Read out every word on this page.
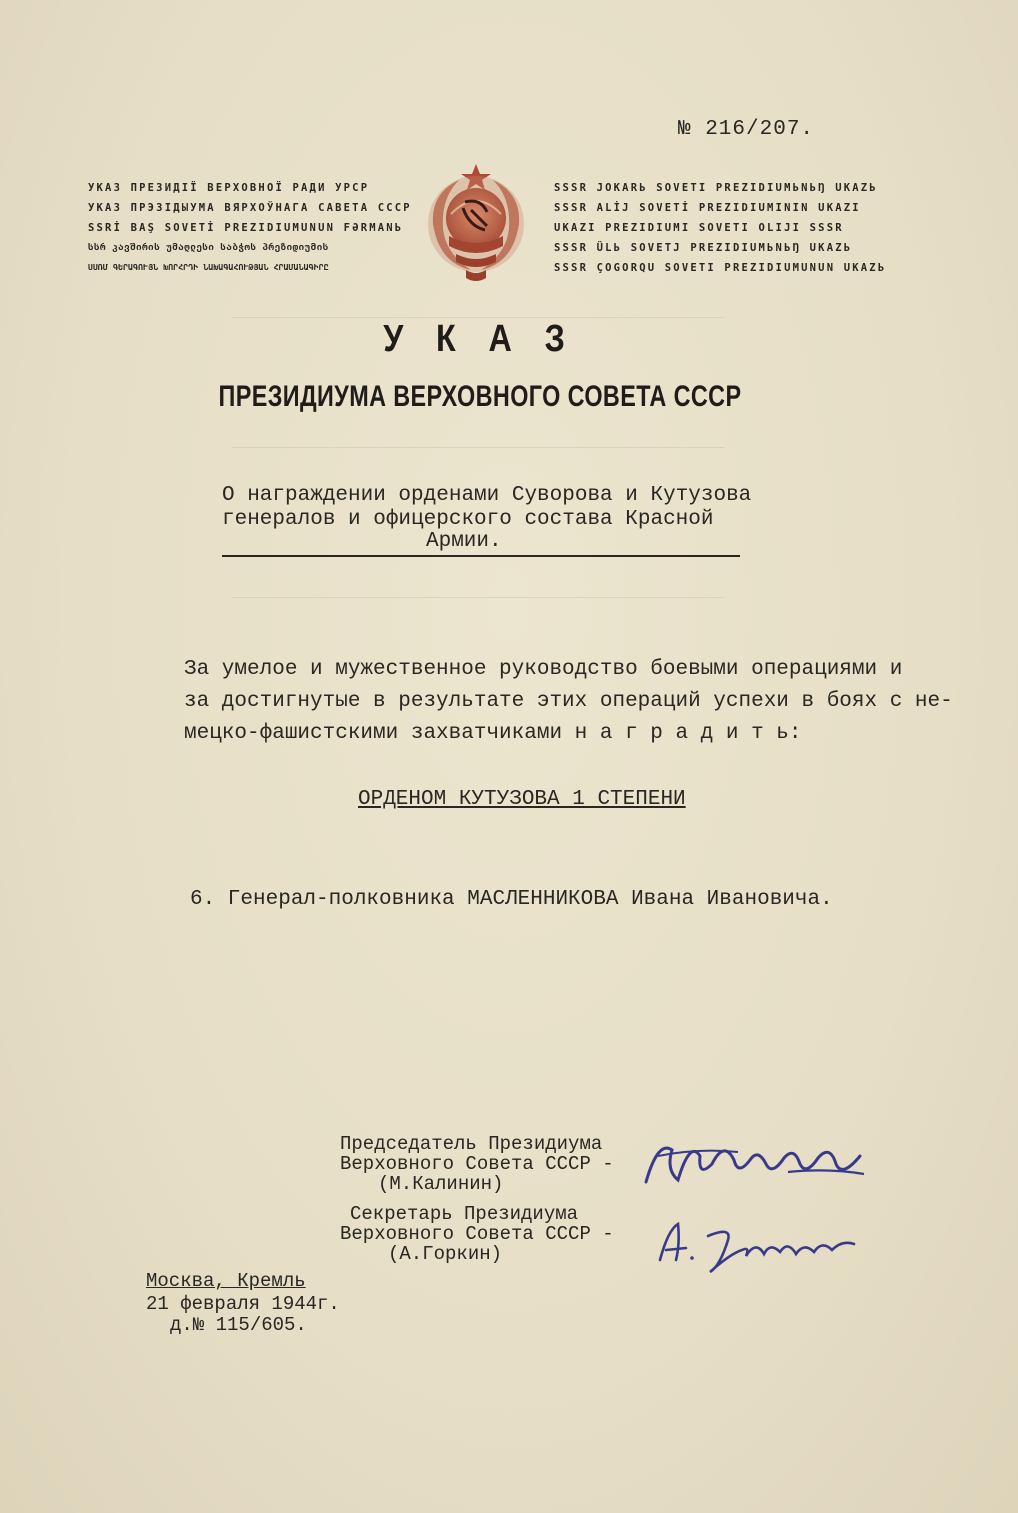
_________________________________________
_________________________________________
_________________________________________
№ 216/207.
УКАЗ ПРЕЗИДІЇ ВЕРХОВНОЇ РАДИ УРСР
УКАЗ ПРЭЗІДЫУМА ВЯРХОЎНАГА САВЕТА СССР
SSRİ BAŞ SOVETİ PREZIDIUMUNUN FƏRMANЬ
სსრ კავშირის უმაღლესი საბჭოს პრეზიდიუმის
ՍՍՌՄ ԳԵՐԱԳՈՒՅՆ ԽՈՐՀՐԴԻ ՆԱԽԱԳԱՀՈՒԹՅԱՆ ՀՐԱՄԱՆԱԳԻՐԸ
SSSR JOKARЬ SOVETI PREZIDIUMЬNЬŊ UKAZЬ
SSSR ALİJ SOVETİ PREZIDIUMININ UKAZI
UKAZI PREZIDIUMI SOVETI OLIJI SSSR
SSSR ÜLЬ SOVETJ PREZIDIUMЬNЬŊ UKAZЬ
SSSR ÇOGORQU SOVETI PREZIDIUMUNUN UKAZЬ
У К А З
ПРЕЗИДИУМА ВЕРХОВНОГО СОВЕТА СССР
О награждении орденами Суворова и Кутузова
генералов и офицерского состава Красной
Армии.
За умелое и мужественное руководство боевыми операциями и
за достигнутые в результате этих операций успехи в боях с не-
мецко-фашистскими захватчиками н а г р а д и т ь:
ОРДЕНОМ КУТУЗОВА 1 СТЕПЕНИ
6. Генерал-полковника МАСЛЕННИКОВА Ивана Ивановича.
Председатель Президиума
Верховного Совета СССР -
(М.Калинин)
Секретарь Президиума
Верховного Совета СССР -
(А.Горкин)
Москва, Кремль
21 февраля 1944г.
д.№ 115/605.
